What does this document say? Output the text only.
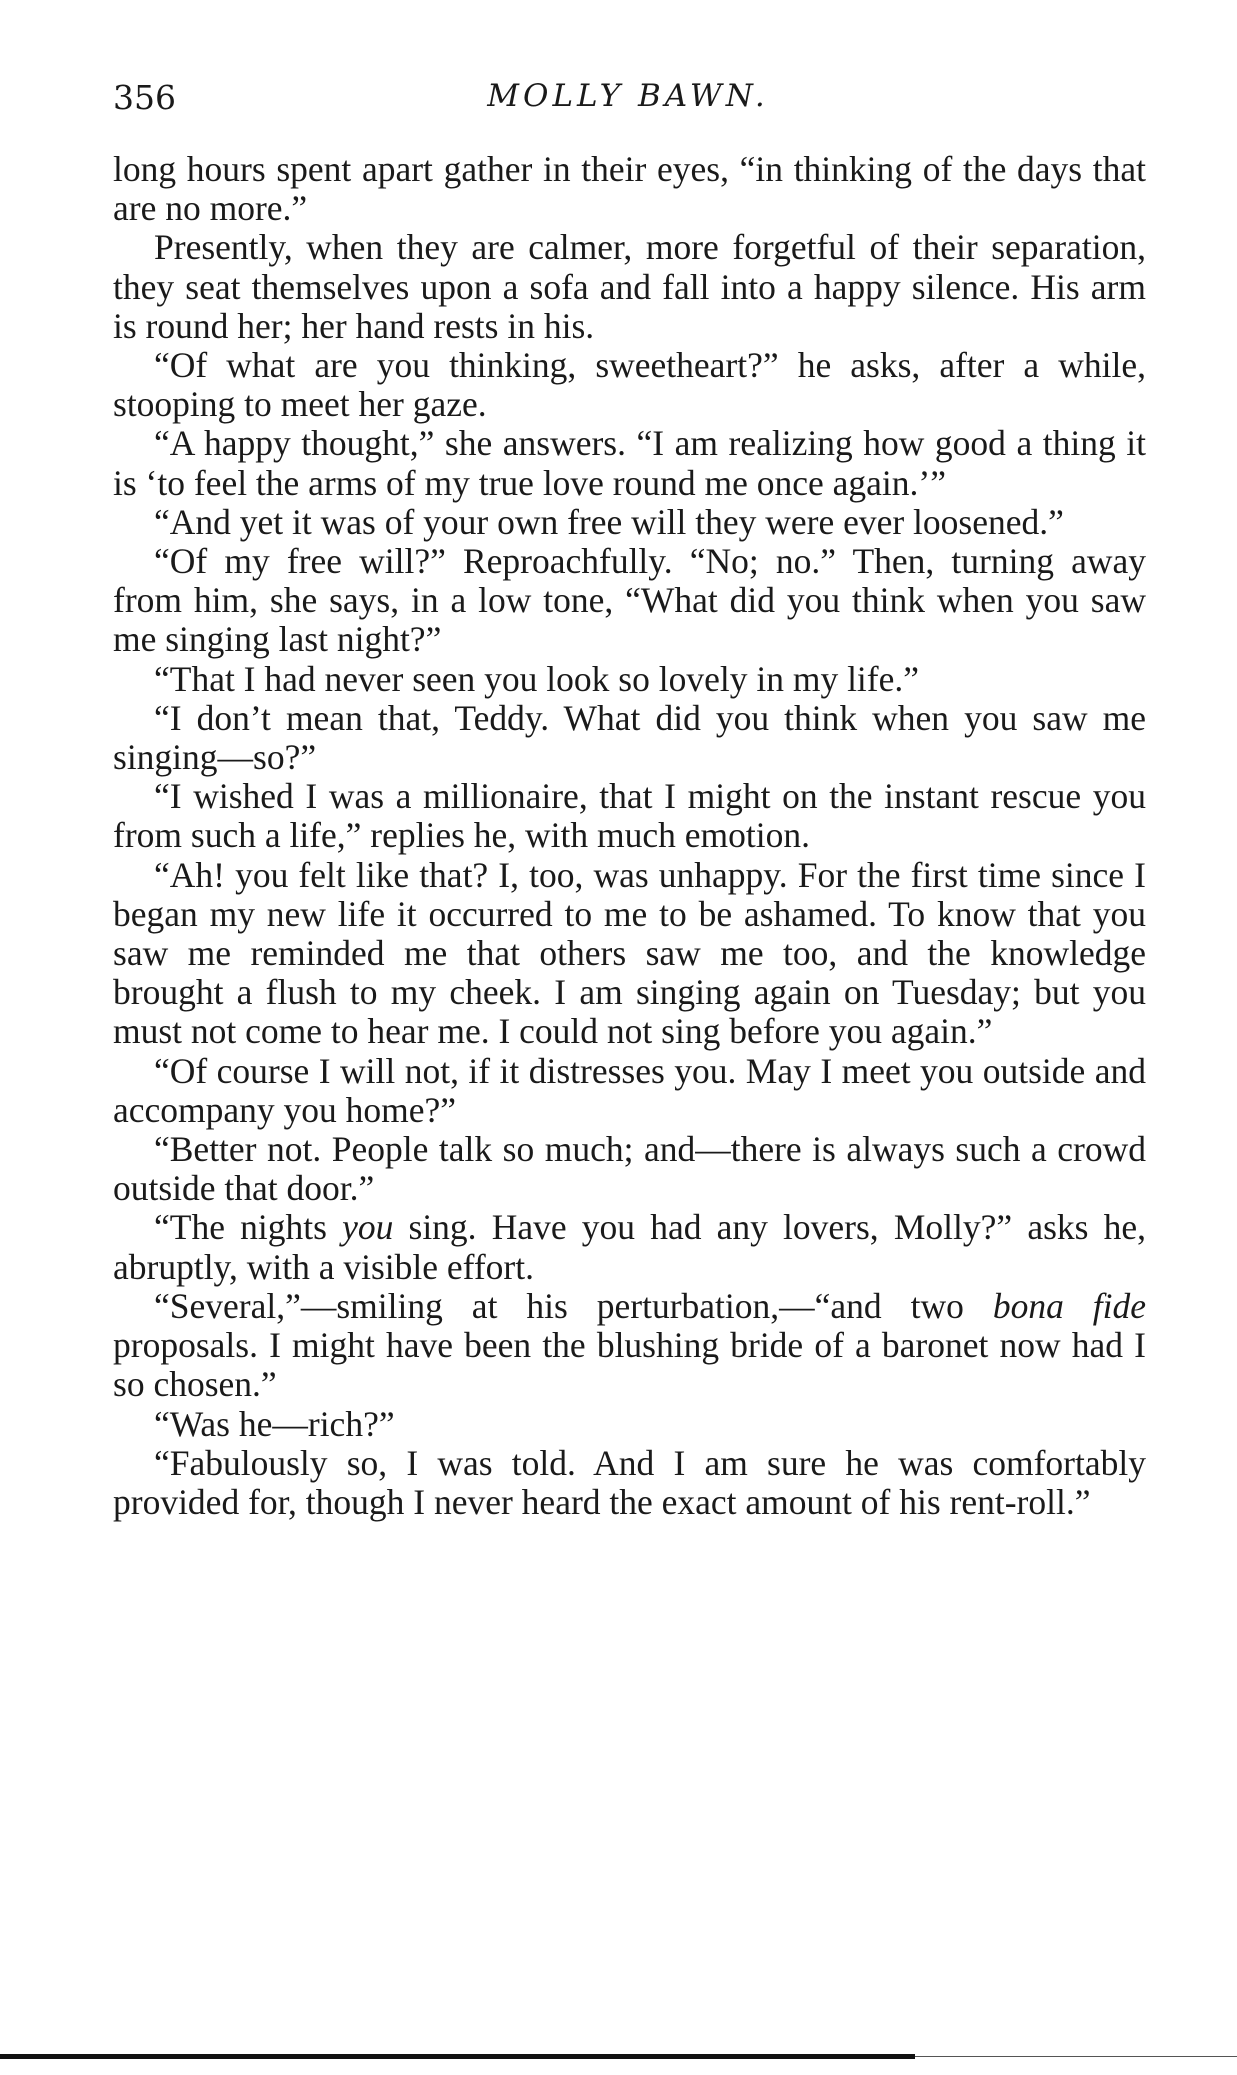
356	MOLLY BAWN.

long hours spent apart gather in their eyes, “in thinking of the days that are no more.”

Presently, when they are calmer, more forgetful of their separation, they seat themselves upon a sofa and fall into a happy silence. His arm is round her; her hand rests in his.

“Of what are you thinking, sweetheart?” he asks, after a while, stooping to meet her gaze.

“A happy thought,” she answers. “I am realizing how good a thing it is ‘to feel the arms of my true love round me once again.’”

“And yet it was of your own free will they were ever loosened.”

“Of my free will?” Reproachfully. “No; no.” Then, turning away from him, she says, in a low tone, “What did you think when you saw me singing last night?”

“That I had never seen you look so lovely in my life.”

“I don’t mean that, Teddy. What did you think when you saw me singing—so?”

“I wished I was a millionaire, that I might on the instant rescue you from such a life,” replies he, with much emotion.

“Ah! you felt like that? I, too, was unhappy. For the first time since I began my new life it occurred to me to be ashamed. To know that you saw me reminded me that others saw me too, and the knowledge brought a flush to my cheek. I am singing again on Tuesday; but you must not come to hear me. I could not sing before you again.”

“Of course I will not, if it distresses you. May I meet you outside and accompany you home?”

“Better not. People talk so much; and—there is always such a crowd outside that door.”

“The nights you sing. Have you had any lovers, Molly?” asks he, abruptly, with a visible effort.

“Several,”—smiling at his perturbation,—“and two bona fide proposals. I might have been the blushing bride of a baronet now had I so chosen.”

“Was he—rich?”

“Fabulously so, I was told. And I am sure he was comfortably provided for, though I never heard the exact amount of his rent-roll.”
